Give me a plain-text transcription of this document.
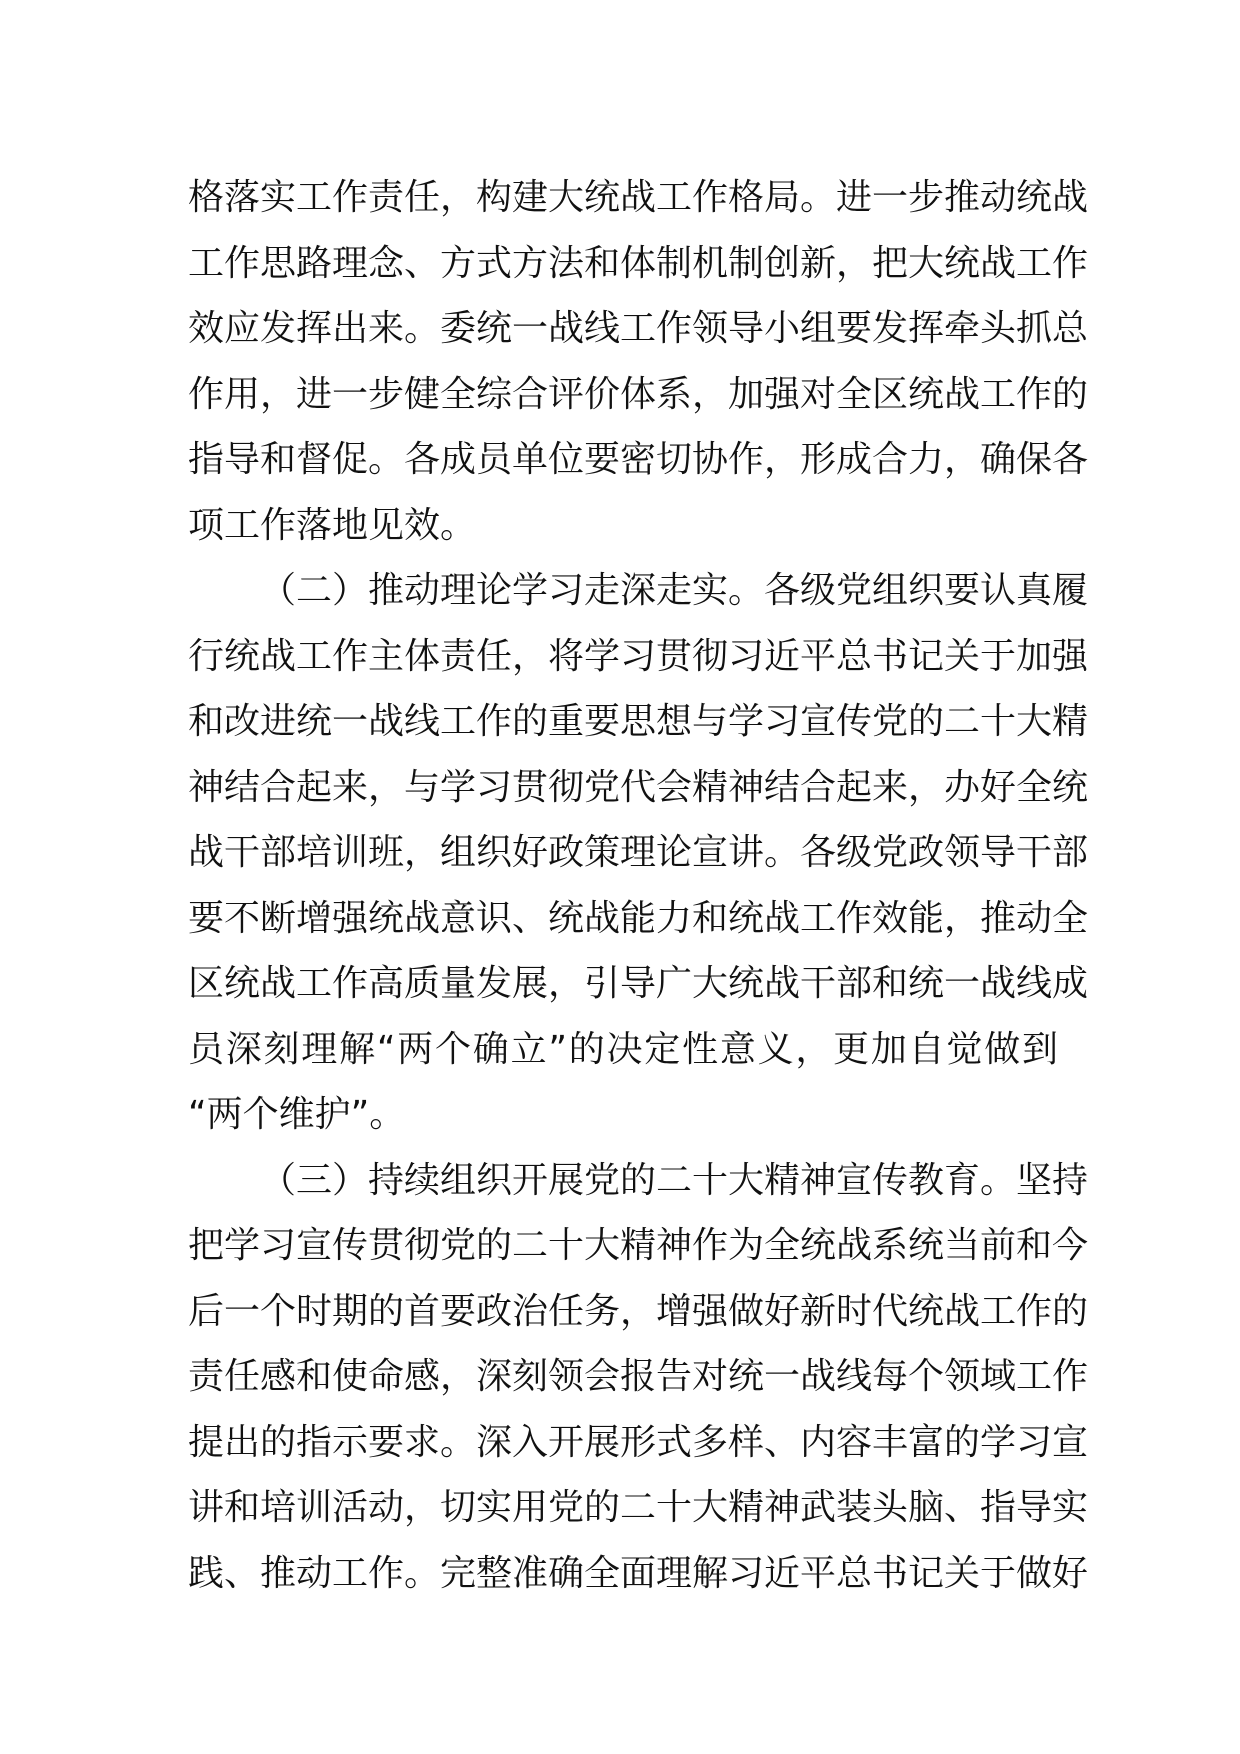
格落实工作责任，构建大统战工作格局。进一步推动统战
工作思路理念、方式方法和体制机制创新，把大统战工作
效应发挥出来。委统一战线工作领导小组要发挥牵头抓总
作用，进一步健全综合评价体系，加强对全区统战工作的
指导和督促。各成员单位要密切协作，形成合力，确保各
项工作落地见效。
（二）推动理论学习走深走实。各级党组织要认真履
行统战工作主体责任，将学习贯彻习近平总书记关于加强
和改进统一战线工作的重要思想与学习宣传党的二十大精
神结合起来，与学习贯彻党代会精神结合起来，办好全统
战干部培训班，组织好政策理论宣讲。各级党政领导干部
要不断增强统战意识、统战能力和统战工作效能，推动全
区统战工作高质量发展，引导广大统战干部和统一战线成
员深刻理解“两个确立”的决定性意义，更加自觉做到
“两个维护”。
（三）持续组织开展党的二十大精神宣传教育。坚持
把学习宣传贯彻党的二十大精神作为全统战系统当前和今
后一个时期的首要政治任务，增强做好新时代统战工作的
责任感和使命感，深刻领会报告对统一战线每个领域工作
提出的指示要求。深入开展形式多样、内容丰富的学习宣
讲和培训活动，切实用党的二十大精神武装头脑、指导实
践、推动工作。完整准确全面理解习近平总书记关于做好
